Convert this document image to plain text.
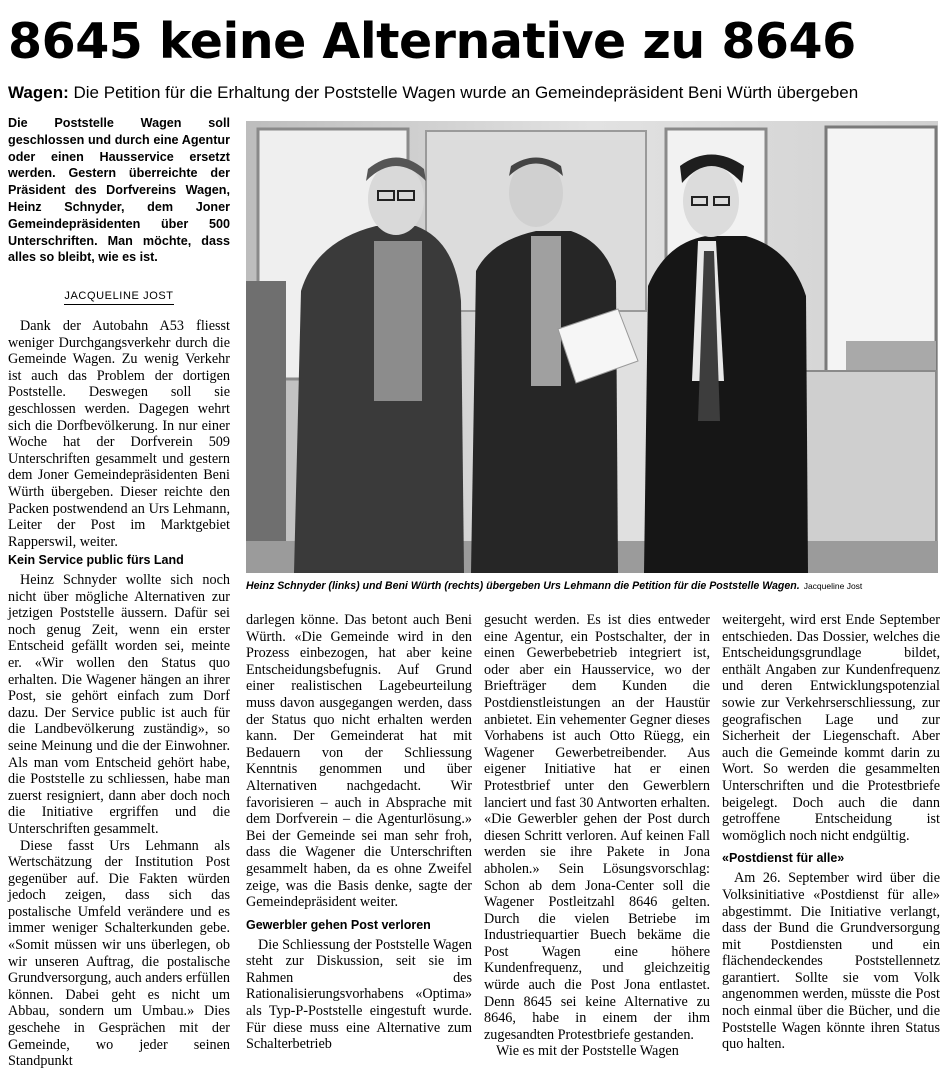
8645 keine Alternative zu 8646
Wagen: Die Petition für die Erhaltung der Poststelle Wagen wurde an Gemeindepräsident Beni Würth übergeben
Die Poststelle Wagen soll geschlossen und durch eine Agentur oder einen Hausservice ersetzt werden. Gestern überreichte der Präsident des Dorfvereins Wagen, Heinz Schnyder, dem Joner Gemeindepräsidenten über 500 Unterschriften. Man möchte, dass alles so bleibt, wie es ist.
JACQUELINE JOST
Heinz Schnyder (links) und Beni Würth (rechts) übergeben Urs Lehmann die Petition für die Poststelle Wagen. Jacqueline Jost

Dank der Autobahn A53 fliesst weniger Durchgangsverkehr durch die Gemeinde Wagen. Zu wenig Verkehr ist auch das Problem der dortigen Poststelle. Deswegen soll sie geschlossen werden. Dagegen wehrt sich die Dorfbevölkerung. In nur einer Woche hat der Dorfverein 509 Unterschriften gesammelt und gestern dem Joner Gemeindepräsidenten Beni Würth übergeben. Dieser reichte den Packen postwendend an Urs Lehmann, Leiter der Post im Marktgebiet Rapperswil, weiter.

Kein Service public fürs Land

Heinz Schnyder wollte sich noch nicht über mögliche Alternativen zur jetzigen Poststelle äussern. Dafür sei noch genug Zeit, wenn ein erster Entscheid gefällt worden sei, meinte er. «Wir wollen den Status quo erhalten. Die Wagener hängen an ihrer Post, sie gehört einfach zum Dorf dazu. Der Service public ist auch für die Landbevölkerung zuständig», so seine Meinung und die der Einwohner. Als man vom Entscheid gehört habe, die Poststelle zu schliessen, habe man zuerst resigniert, dann aber doch noch die Initiative ergriffen und die Unterschriften gesammelt.

Diese fasst Urs Lehmann als Wertschätzung der Institution Post gegenüber auf. Die Fakten würden jedoch zeigen, dass sich das postalische Umfeld verändere und es immer weniger Schalterkunden gebe. «Somit müssen wir uns überlegen, ob wir unseren Auftrag, die postalische Grundversorgung, auch anders erfüllen können. Dabei geht es nicht um Abbau, sondern um Umbau.» Dies geschehe in Gesprächen mit der Gemeinde, wo jeder seinen Standpunkt

darlegen könne. Das betont auch Beni Würth. «Die Gemeinde wird in den Prozess einbezogen, hat aber keine Entscheidungsbefugnis. Auf Grund einer realistischen Lagebeurteilung muss davon ausgegangen werden, dass der Status quo nicht erhalten werden kann. Der Gemeinderat hat mit Bedauern von der Schliessung Kenntnis genommen und über Alternativen nachgedacht. Wir favorisieren – auch in Absprache mit dem Dorfverein – die Agenturlösung.» Bei der Gemeinde sei man sehr froh, dass die Wagener die Unterschriften gesammelt haben, da es ohne Zweifel zeige, was die Basis denke, sagte der Gemeindepräsident weiter.

Gewerbler gehen Post verloren

Die Schliessung der Poststelle Wagen steht zur Diskussion, seit sie im Rahmen des Rationalisierungsvorhabens «Optima» als Typ-P-Poststelle eingestuft wurde. Für diese muss eine Alternative zum Schalterbetrieb

gesucht werden. Es ist dies entweder eine Agentur, ein Postschalter, der in einen Gewerbebetrieb integriert ist, oder aber ein Hausservice, wo der Briefträger dem Kunden die Postdienstleistungen an der Haustür anbietet. Ein vehementer Gegner dieses Vorhabens ist auch Otto Rüegg, ein Wagener Gewerbetreibender. Aus eigener Initiative hat er einen Protestbrief unter den Gewerblern lanciert und fast 30 Antworten erhalten. «Die Gewerbler gehen der Post durch diesen Schritt verloren. Auf keinen Fall werden sie ihre Pakete in Jona abholen.» Sein Lösungsvorschlag: Schon ab dem Jona-Center soll die Wagener Postleitzahl 8646 gelten. Durch die vielen Betriebe im Industriequartier Buech bekäme die Post Wagen eine höhere Kundenfrequenz, und gleichzeitig würde auch die Post Jona entlastet. Denn 8645 sei keine Alternative zu 8646, habe in einem der ihm zugesandten Protestbriefe gestanden.

Wie es mit der Poststelle Wagen

weitergeht, wird erst Ende September entschieden. Das Dossier, welches die Entscheidungsgrundlage bildet, enthält Angaben zur Kundenfrequenz und deren Entwicklungspotenzial sowie zur Verkehrserschliessung, zur geografischen Lage und zur Sicherheit der Liegenschaft. Aber auch die Gemeinde kommt darin zu Wort. So werden die gesammelten Unterschriften und die Protestbriefe beigelegt. Doch auch die dann getroffene Entscheidung ist womöglich noch nicht endgültig.

«Postdienst für alle»

Am 26. September wird über die Volksinitiative «Postdienst für alle» abgestimmt. Die Initiative verlangt, dass der Bund die Grundversorgung mit Postdiensten und ein flächendeckendes Poststellennetz garantiert. Sollte sie vom Volk angenommen werden, müsste die Post noch einmal über die Bücher, und die Poststelle Wagen könnte ihren Status quo halten.
